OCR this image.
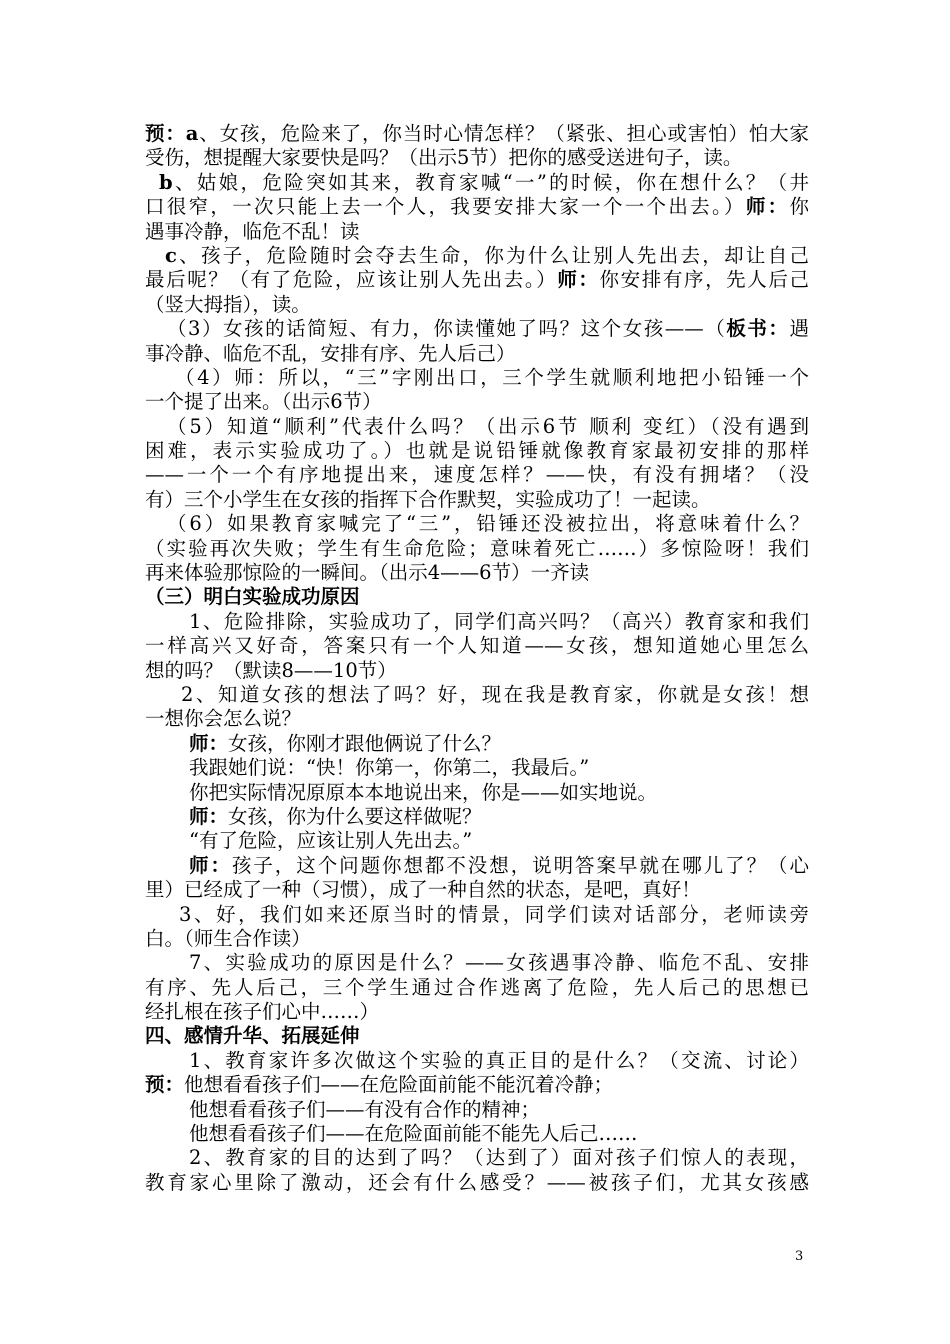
预：a、女孩，危险来了，你当时心情怎样？（紧张、担心或害怕）怕大家
受伤，想提醒大家要快是吗？（出示5节）把你的感受送进句子，读。
b、姑娘，危险突如其来，教育家喊“一”的时候，你在想什么？（井
口很窄，一次只能上去一个人，我要安排大家一个一个出去。）师：你
遇事冷静，临危不乱！读
c、孩子，危险随时会夺去生命，你为什么让别人先出去，却让自己
最后呢？（有了危险，应该让别人先出去。）师：你安排有序，先人后己
（竖大拇指），读。
（3）女孩的话简短、有力，你读懂她了吗？这个女孩——（板书：遇
事冷静、临危不乱，安排有序、先人后己）
（4）师：所以，“三”字刚出口，三个学生就顺利地把小铅锤一个
一个提了出来。（出示6节）
（5）知道“顺利”代表什么吗？（出示6节 顺利 变红）（没有遇到
困难，表示实验成功了。）也就是说铅锤就像教育家最初安排的那样
——一个一个有序地提出来，速度怎样？——快，有没有拥堵？（没
有）三个小学生在女孩的指挥下合作默契，实验成功了！一起读。
（6）如果教育家喊完了“三”，铅锤还没被拉出，将意味着什么？
（实验再次失败；学生有生命危险；意味着死亡……）多惊险呀！我们
再来体验那惊险的一瞬间。（出示4——6节）一齐读
（三）明白实验成功原因
1、危险排除，实验成功了，同学们高兴吗？（高兴）教育家和我们
一样高兴又好奇，答案只有一个人知道——女孩，想知道她心里怎么
想的吗？（默读8——10节）
2、知道女孩的想法了吗？好，现在我是教育家，你就是女孩！想
一想你会怎么说？
师：女孩，你刚才跟他俩说了什么？
我跟她们说：“快！你第一，你第二，我最后。”
你把实际情况原原本本地说出来，你是——如实地说。
师：女孩，你为什么要这样做呢？
“有了危险，应该让别人先出去。”
师：孩子，这个问题你想都不没想，说明答案早就在哪儿了？（心
里）已经成了一种（习惯），成了一种自然的状态，是吧，真好！
3、好，我们如来还原当时的情景，同学们读对话部分，老师读旁
白。（师生合作读）
7、实验成功的原因是什么？——女孩遇事冷静、临危不乱、安排
有序、先人后己，三个学生通过合作逃离了危险，先人后己的思想已
经扎根在孩子们心中……）
四、感情升华、拓展延伸
1、教育家许多次做这个实验的真正目的是什么？（交流、讨论）
预：他想看看孩子们——在危险面前能不能沉着冷静；
他想看看孩子们——有没有合作的精神；
他想看看孩子们——在危险面前能不能先人后己……
2、教育家的目的达到了吗？（达到了）面对孩子们惊人的表现，
教育家心里除了激动，还会有什么感受？——被孩子们，尤其女孩感
3
